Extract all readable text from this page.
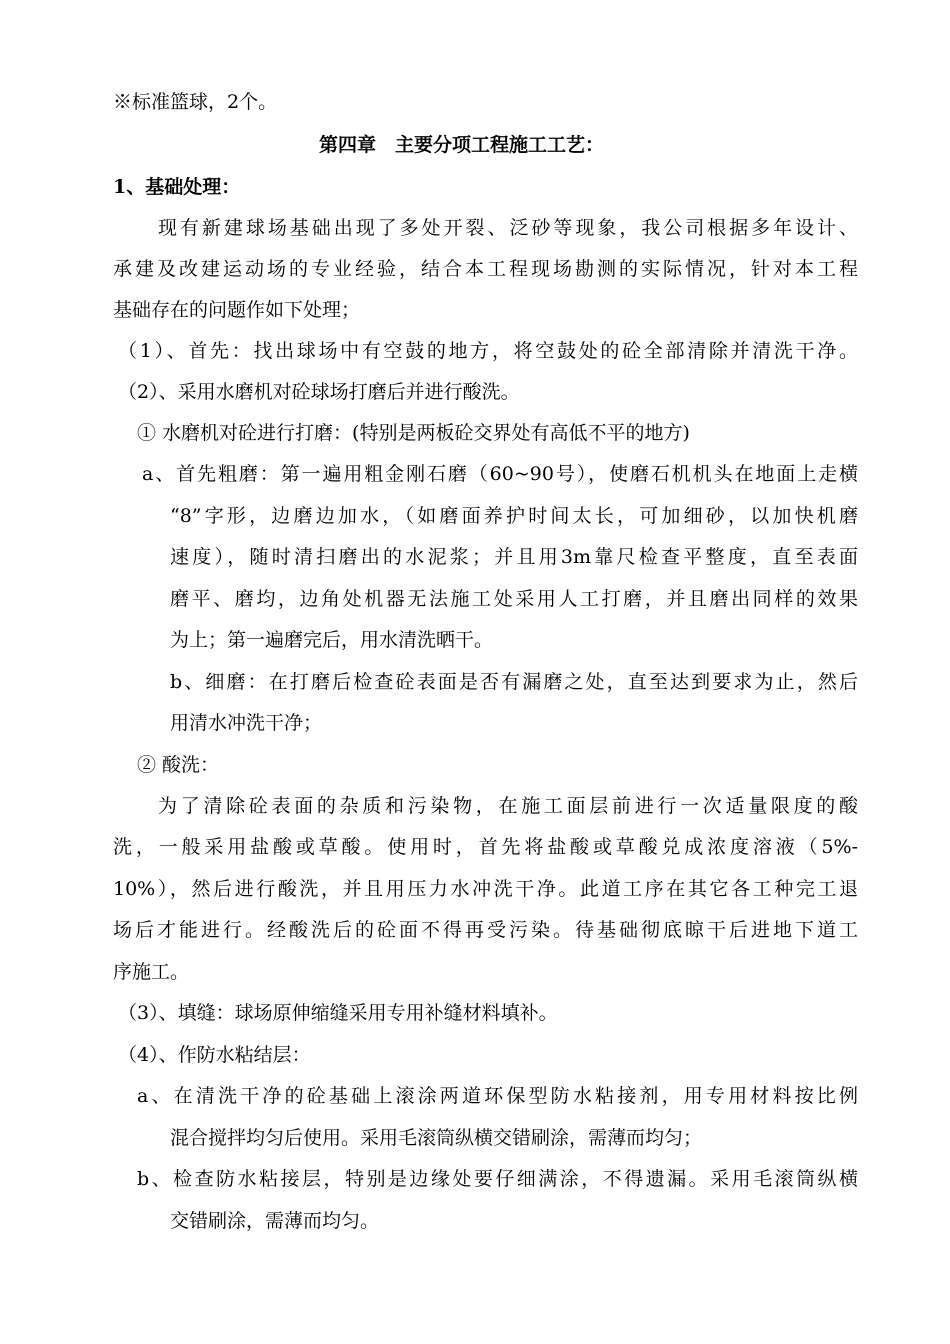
※标准篮球，2个。
第四章　主要分项工程施工工艺：
1、基础处理：
现有新建球场基础出现了多处开裂、泛砂等现象，我公司根据多年设计、
承建及改建运动场的专业经验，结合本工程现场勘测的实际情况，针对本工程
基础存在的问题作如下处理；
（1）、首先：找出球场中有空鼓的地方，将空鼓处的砼全部清除并清洗干净。
（2）、采用水磨机对砼球场打磨后并进行酸洗。
① 水磨机对砼进行打磨：(特别是两板砼交界处有高低不平的地方)
a、首先粗磨：第一遍用粗金刚石磨（60~90号），使磨石机机头在地面上走横
“8”字形，边磨边加水，（如磨面养护时间太长，可加细砂，以加快机磨
速度），随时清扫磨出的水泥浆；并且用3m靠尺检查平整度，直至表面
磨平、磨均，边角处机器无法施工处采用人工打磨，并且磨出同样的效果
为上；第一遍磨完后，用水清洗晒干。
b、细磨：在打磨后检查砼表面是否有漏磨之处，直至达到要求为止，然后
用清水冲洗干净；
② 酸洗：
为了清除砼表面的杂质和污染物，在施工面层前进行一次适量限度的酸
洗，一般采用盐酸或草酸。使用时，首先将盐酸或草酸兑成浓度溶液（5%-
10%），然后进行酸洗，并且用压力水冲洗干净。此道工序在其它各工种完工退
场后才能进行。经酸洗后的砼面不得再受污染。待基础彻底晾干后进地下道工
序施工。
（3）、填缝：球场原伸缩缝采用专用补缝材料填补。
（4）、作防水粘结层：
a、在清洗干净的砼基础上滚涂两道环保型防水粘接剂，用专用材料按比例
混合搅拌均匀后使用。采用毛滚筒纵横交错刷涂，需薄而均匀；
b、检查防水粘接层，特别是边缘处要仔细满涂，不得遗漏。采用毛滚筒纵横
交错刷涂，需薄而均匀。
